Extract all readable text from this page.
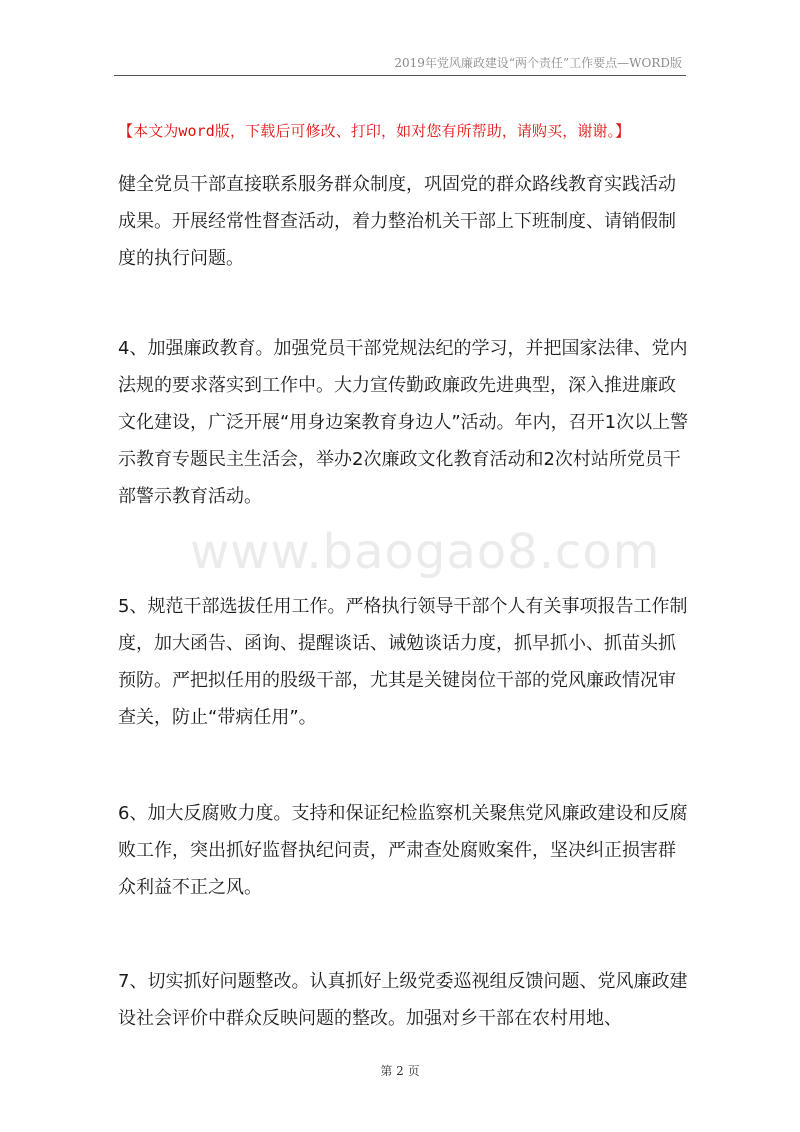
2019年党风廉政建设“两个责任”工作要点—WORD版
【本文为word版，下载后可修改、打印，如对您有所帮助，请购买，谢谢。】
www.baogao8.com

健全党员干部直接联系服务群众制度，巩固党的群众路线教育实践活动成果。开展经常性督查活动，着力整治机关干部上下班制度、请销假制度的执行问题。

4、加强廉政教育。加强党员干部党规法纪的学习，并把国家法律、党内法规的要求落实到工作中。大力宣传勤政廉政先进典型，深入推进廉政文化建设，广泛开展“用身边案教育身边人”活动。年内，召开1次以上警示教育专题民主生活会，举办2次廉政文化教育活动和2次村站所党员干部警示教育活动。

5、规范干部选拔任用工作。严格执行领导干部个人有关事项报告工作制度，加大函告、函询、提醒谈话、诫勉谈话力度，抓早抓小、抓苗头抓预防。严把拟任用的股级干部，尤其是关键岗位干部的党风廉政情况审查关，防止“带病任用”。

6、加大反腐败力度。支持和保证纪检监察机关聚焦党风廉政建设和反腐败工作，突出抓好监督执纪问责，严肃查处腐败案件，坚决纠正损害群众利益不正之风。

7、切实抓好问题整改。认真抓好上级党委巡视组反馈问题、党风廉政建设社会评价中群众反映问题的整改。加强对乡干部在农村用地、

第 2 页
